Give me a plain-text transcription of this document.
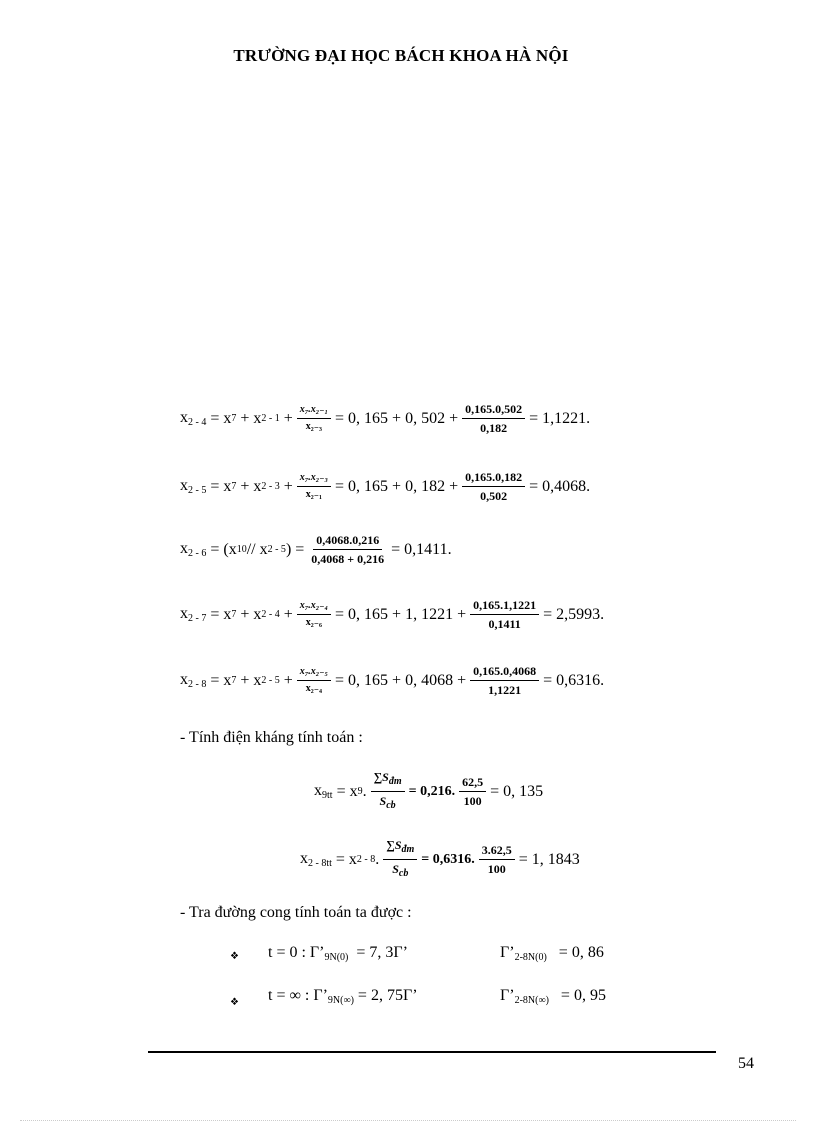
TRƯỜNG ĐẠI HỌC BÁCH KHOA HÀ NỘI
$x_{2 - 4} = x$ 7 + x $2 - 1 + \frac{\text{x₇.x₂₋₁}}{\text{x₂₋₃}} = 0$, 165 + 0, $502 + \frac{0,165.0,502}{0,182} = 1,1221$.
$x_{2 - 5} = x$ 7 + x $2 - 3 + \frac{\text{x₇.x₂₋₃}}{\text{x₂₋₁}} = 0$, 165 + 0, $182 + \frac{0,165.0,182}{0,502} = 0,4068$.
$x_{2 - 6} = (x$ 10 // x 2 - 5 ) = $\frac{0,4068.0,216}{0,4068 + 0,216} = 0,1411$.
$x_{2 - 7} = x$ 7 + x $2 - 4 + \frac{\text{x₇.x₂₋₄}}{\text{x₂₋₆}} = 0$, 165 + 1, $1221 + \frac{0,165.1,1221}{0,1411} = 2,5993$.
$x_{2 - 8} = x$ 7 + x $2 - 5 + \frac{\text{x₇.x₂₋₅}}{\text{x₂₋₄}} = 0$, 165 + 0, $4068 + \frac{0,165.0,4068}{1,1221} = 0,6316$.
- Tính điện kháng tính toán :
$x_{9tt} = x$ 9 . $\frac{\sum S_{đm}}{S_{cb}} = 0,216$. $\frac{62,5}{100} = 0$, 135
$x_{2 - 8tt} = x$ 2 - 8 . $\frac{\sum S_{đm}}{S_{cb}} = 0,6316$. $\frac{3.62,5}{100} = 1$, 1843
- Tra đường cong tính toán ta được :
❖ t = 0 : $\Gamma’_{9N(0)} = 7$, 3Γ’	$\Gamma’_{2-8N(0)} = 0$, 86
❖ t = ∞ : $\Gamma’_{9N(\infty)} = 2$, 75Γ’	$\Gamma’_{2-8N(\infty)} = 0$, 95
54
